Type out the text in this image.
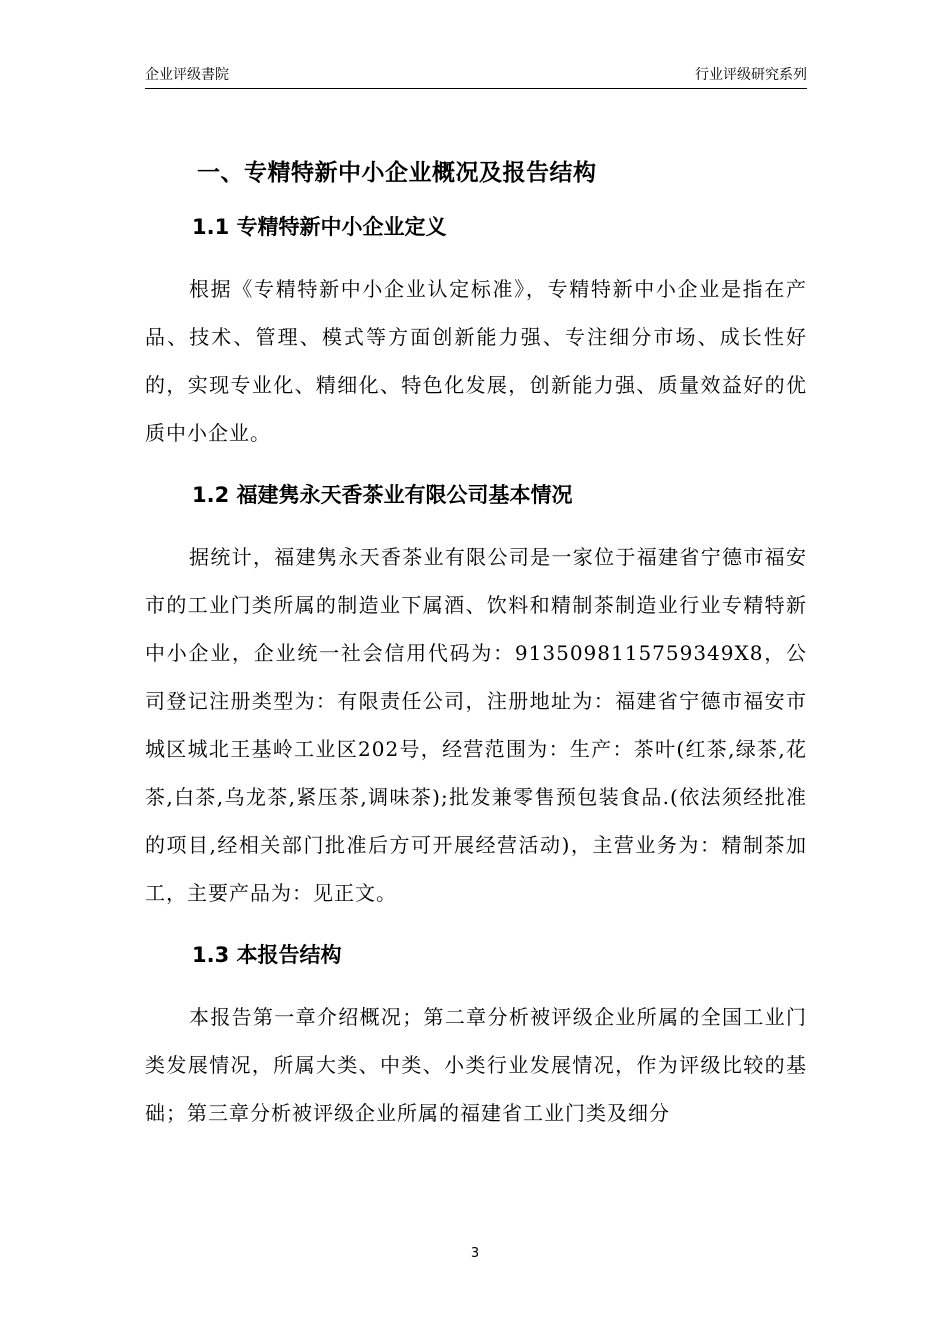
企业评级書院	行业评级研究系列
一、专精特新中小企业概况及报告结构
1.1 专精特新中小企业定义

根据《专精特新中小企业认定标准》，专精特新中小企业是指在产品、技术、管理、模式等方面创新能力强、专注细分市场、成长性好的，实现专业化、精细化、特色化发展，创新能力强、质量效益好的优质中小企业。

1.2 福建隽永天香茶业有限公司基本情况

据统计，福建隽永天香茶业有限公司是一家位于福建省宁德市福安市的工业门类所属的制造业下属酒、饮料和精制茶制造业行业专精特新中小企业，企业统一社会信用代码为：9135098115759349X8，公司登记注册类型为：有限责任公司，注册地址为：福建省宁德市福安市城区城北王基岭工业区202号，经营范围为：生产：茶叶(红茶,绿茶,花茶,白茶,乌龙茶,紧压茶,调味茶);批发兼零售预包装食品.(依法须经批准的项目,经相关部门批准后方可开展经营活动)，主营业务为：精制茶加工，主要产品为：见正文。

1.3 本报告结构

本报告第一章介绍概况；第二章分析被评级企业所属的全国工业门类发展情况，所属大类、中类、小类行业发展情况，作为评级比较的基础；第三章分析被评级企业所属的福建省工业门类及细分

3
